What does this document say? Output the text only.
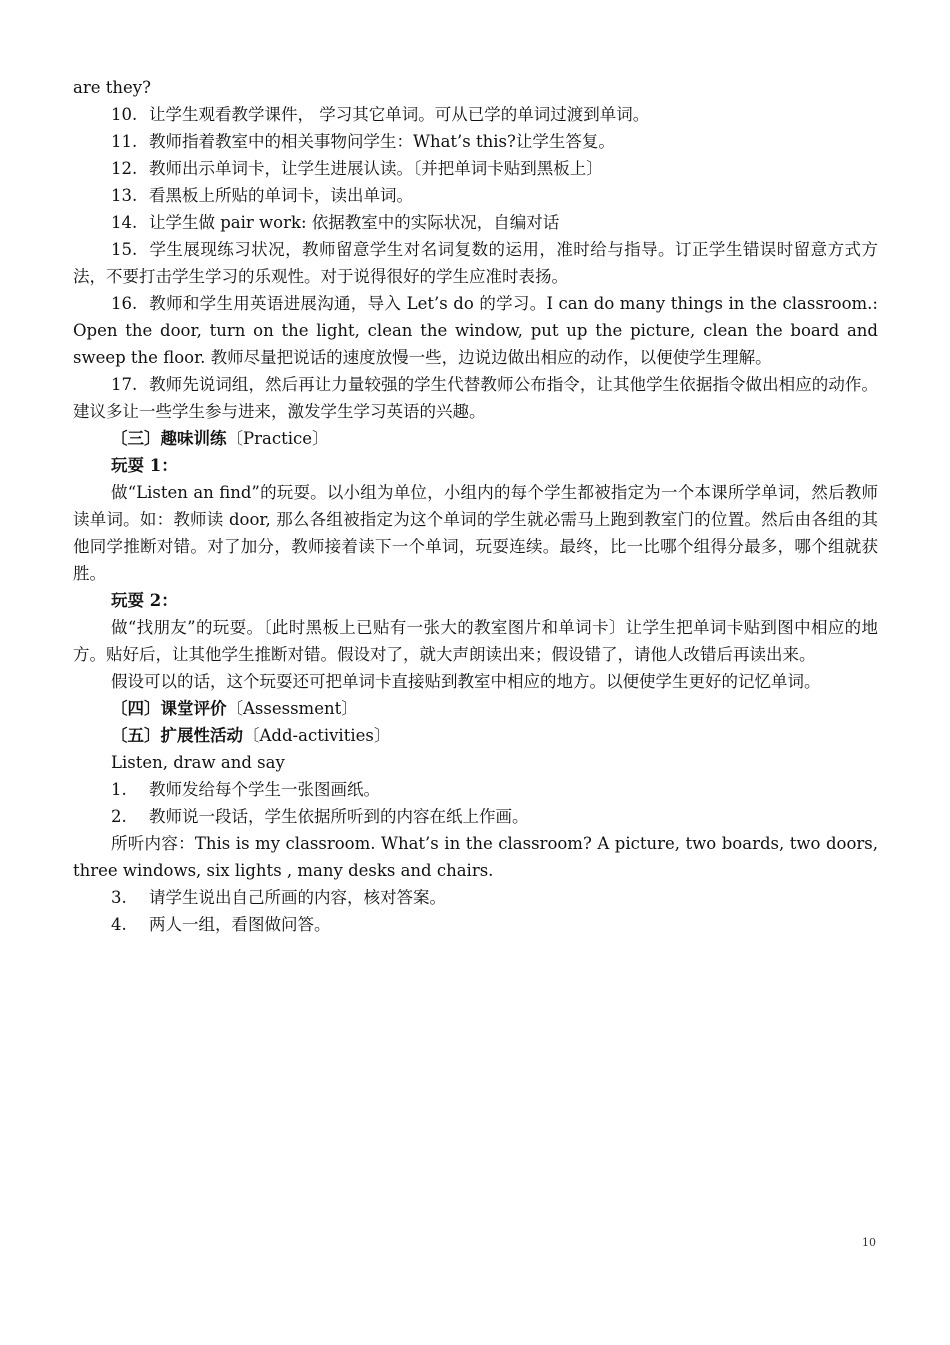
are they?

10. 让学生观看教学课件， 学习其它单词。可从已学的单词过渡到单词。

11. 教师指着教室中的相关事物问学生：What’s this?让学生答复。

12. 教师出示单词卡，让学生进展认读。〔并把单词卡贴到黑板上〕

13. 看黑板上所贴的单词卡，读出单词。

14. 让学生做 pair work: 依据教室中的实际状况，自编对话

15. 学生展现练习状况，教师留意学生对名词复数的运用，准时给与指导。订正学生错误时留意方式方法，不要打击学生学习的乐观性。对于说得很好的学生应准时表扬。

16. 教师和学生用英语进展沟通，导入 Let’s do 的学习。I can do many things in the classroom.: Open the door, turn on the light, clean the window, put up the picture, clean the board and sweep the floor. 教师尽量把说话的速度放慢一些，边说边做出相应的动作，以便使学生理解。

17. 教师先说词组，然后再让力量较强的学生代替教师公布指令，让其他学生依据指令做出相应的动作。建议多让一些学生参与进来，激发学生学习英语的兴趣。

〔三〕趣味训练〔Practice〕

玩耍 1：

做“Listen an find”的玩耍。以小组为单位，小组内的每个学生都被指定为一个本课所学单词，然后教师读单词。如：教师读 door, 那么各组被指定为这个单词的学生就必需马上跑到教室门的位置。然后由各组的其他同学推断对错。对了加分，教师接着读下一个单词，玩耍连续。最终，比一比哪个组得分最多，哪个组就获胜。

玩耍 2：

做“找朋友”的玩耍。〔此时黑板上已贴有一张大的教室图片和单词卡〕让学生把单词卡贴到图中相应的地方。贴好后，让其他学生推断对错。假设对了，就大声朗读出来；假设错了，请他人改错后再读出来。

假设可以的话，这个玩耍还可把单词卡直接贴到教室中相应的地方。以便使学生更好的记忆单词。

〔四〕课堂评价〔Assessment〕

〔五〕扩展性活动〔Add-activities〕

Listen, draw and say

1. 教师发给每个学生一张图画纸。

2. 教师说一段话，学生依据所听到的内容在纸上作画。

所听内容：This is my classroom. What’s in the classroom? A picture, two boards, two doors, three windows, six lights , many desks and chairs.

3. 请学生说出自己所画的内容，核对答案。

4. 两人一组，看图做问答。

10
